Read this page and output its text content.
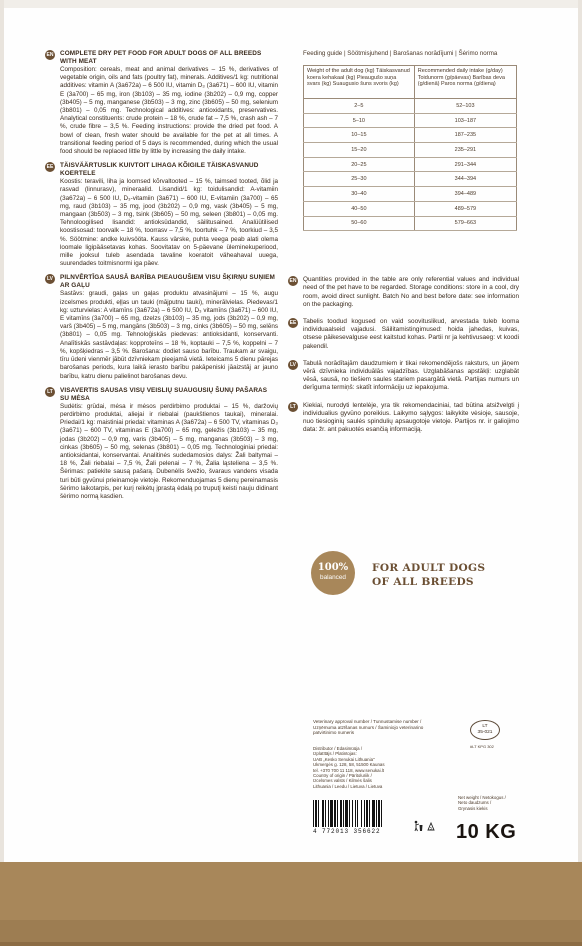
EN COMPLETE DRY PET FOOD FOR ADULT DOGS OF ALL BREEDS WITH MEAT
Composition: cereals, meat and animal derivatives – 15 %, derivatives of vegetable origin, oils and fats (poultry fat), minerals. Additives/1 kg: nutritional additives: vitamin A (3a672a) – 6 500 IU, vitamin D₃ (3a671) – 600 IU, vitamin E (3a700) – 65 mg, iron (3b103) – 35 mg, iodine (3b202) – 0,9 mg, copper (3b405) – 5 mg, manganese (3b503) – 3 mg, zinc (3b605) – 50 mg, selenium (3b801) – 0,05 mg. Technological additives: antioxidants, preservatives. Analytical constituents: crude protein – 18 %, crude fat – 7,5 %, crash ash – 7 %, crude fibre – 3,5 %. Feeding instructions: provide the dried pet food. A bowl of clean, fresh water should be available for the pet at all times. A transitional feeding period of 5 days is recommended, during which the usual food should be replaced little by little by increasing the daily intake.
EE TÄISVÄÄRTUSLIK KUIVTOIT LIHAGA KÕIGILE TÄISKASVANUD KOERTELE
Koostis: teravili, liha ja loomsed kõrvaltooted – 15 %, taimsed tooted, õlid ja rasvad (linnurasv), mineraalid. Lisandid/1 kg: toidulisandid: A-vitamiin (3a672a) – 6 500 IU, D₃-vitamiin (3a671) – 600 IU, E-vitamiin (3a700) – 65 mg, raud (3b103) – 35 mg, jood (3b202) – 0,9 mg, vask (3b405) – 5 mg, mangaan (3b503) – 3 mg, tsink (3b605) – 50 mg, seleen (3b801) – 0,05 mg. Tehnoloogilised lisandid: antioksüdandid, säilitusained. Analüütilised koostisosad: toorvalk – 18 %, toorrasv – 7,5 %, toortuhk – 7 %, toorkiud – 3,5 %. Söötmine: andke kuivsööta. Kauss värske, puhta veega peab alati olema loomale ligipääsetavas kohas. Soovitatav on 5-päevane üleminekuperiood, mille jooksul tuleb asendada tavaline koeratoit väheahaval uuega, suurendades toitmisnormi iga päev.
LV	PILNVĒRTĪGA SAUSĀ BARĪBA PIEAUGUŠIEM VISU ŠĶIRŅU SUŅIEM AR GAĻU
Sastāvs: graudi, gaļas un gaļas produktu atvasinājumi – 15 %, augu izcelsmes produkti, eļļas un tauki (mājputnu tauki), minerālvielas. Piedevas/1 kg: uzturvielas: A vitamīns (3a672a) – 6 500 IU, D₃ vitamīns (3a671) – 600 IU, E vitamīns (3a700) – 65 mg, dzelzs (3b103) – 35 mg, jods (3b202) – 0,9 mg, varš (3b405) – 5 mg, mangāns (3b503) – 3 mg, cinks (3b605) – 50 mg, selēns (3b801) – 0,05 mg. Tehnoloģiskās piedevas: antioksidanti, konservanti. Analītiskās sastāvdaļas: kopproteīns – 18 %, koptauki – 7,5 %, koppelni – 7 %, kopšķiedras – 3,5 %. Barošana: dodiet sauso barību. Traukam ar svaigu, tīru ūdeni vienmēr jābūt dzīvniekam pieejamā vietā. Ieteicams 5 dienu pārejas barošanas periods, kura laikā ierasto barību pakāpeniski jāaizstāj ar jauno barību, katru dienu palielinot barošanas devu.
LT	VISAVERTIS SAUSAS VISŲ VEISLIŲ SUAUGUSIŲ ŠUNŲ PAŠARAS SU MĖSA
Sudėtis: grūdai, mėsa ir mėsos perdirbimo produktai – 15 %, daržovių perdirbimo produktai, aliejai ir riebalai (paukštienos taukai), mineralai. Priedai/1 kg: maistiniai priedai: vitaminas A (3a672a) – 6 500 TV, vitaminas D₃ (3a671) – 600 TV, vitaminas E (3a700) – 65 mg, geležis (3b103) – 35 mg, jodas (3b202) – 0,9 mg, varis (3b405) – 5 mg, manganas (3b503) – 3 mg, cinkas (3b605) – 50 mg, selenas (3b801) – 0,05 mg. Technologiniai priedai: antioksidantai, konservantai. Analitinės sudedamosios dalys: Žali baltymai – 18 %, Žali riebalai – 7,5 %, Žali pelenai – 7 %, Žalia ląsteliena – 3,5 %. Šėrimas: patiekite sausą pašarą. Dubenėlis švežio, švaraus vandens visada turi būti gyvūnui prieinamoje vietoje. Rekomenduojamas 5 dienų pereinamasis šėrimo laikotarpis, per kurį reikėtų įprastą ėdalą po truputį keisti nauju didinant šėrimo normą kasdien.
Feeding guide | Söötmisjuhend | Barošanas norādījumi | Šėrimo norma
Weight of the adult dog (kg) Täiskasvanud koera kehakaal (kg) Pieaugušo suņa svars (kg) Suaugusio šuns svoris (kg)	Recommended daily intake (g/day) Toidunorm (g/päevas) Barības deva (g/dienā) Paros norma (g/dieną)
2–5	52–103
5–10	103–187
10–15	187–235
15–20	235–291
20–25	291–344
25–30	344–394
30–40	394–489
40–50	489–579
50–60	579–663
EN Quantities provided in the table are only referential values and individual need of the pet have to be regarded. Storage conditions: store in a cool, dry room, avoid direct sunlight. Batch No and best before date: see information on the packaging.
EE Tabelis toodud kogused on vaid soovituslikud, arvestada tuleb looma individuaalseid vajadusi. Säilitamistingimused: hoida jahedas, kuivas, otsese päikesevalguse eest kaitstud kohas. Partii nr ja kehtivusaeg: vt koodi pakendil.
LV	Tabulā norādītajām daudzumiem ir tikai rekomendējošs raksturs, un jāņem vērā dzīvnieka individuālās vajadzības. Uzglabāšanas apstākļi: uzglabāt vēsā, sausā, no tiešiem saules stariem pasargātā vietā. Partijas numurs un derīguma termiņš: skatīt informāciju uz iepakojuma.
LT	Kiekiai, nurodyti lentelėje, yra tik rekomendaciniai, tad būtina atsižvelgti į individualius gyvūno poreikius. Laikymo sąlygos: laikykite vėsioje, sausoje, nuo tiesioginių saulės spindulių apsaugotoje vietoje. Partijos nr. ir galiojimo data: žr. ant pakuotės esančią informaciją.
100%
balanced
FOR ADULT DOGS
OF ALL BREEDS
Veterinary approval number / Tunnustamise number /
Uzņēmuma atzīšanas numurs / Šaminiojo veterinarino
patvirtinimo numeris
LT
35-021
#LT KPG 302
Distributor / Edasimüüja /
Izplatītājs / Platintojas:
UAB „Kesko Senukai Lithuania"
Ukmergės g. 128, 58, 51500 Kaunas
tel. +370 700 11 118, www.senukai.lt
Country of origin / Päritoluriik /
Izcelsmes valsts / Kilmės šalis
Lithuania / Leedu / Lietuva / Lietuva
Net weight / Netokogus /
Neto daudzums /
Grynasis kiekis
4 772013 356622	5 10 KG
